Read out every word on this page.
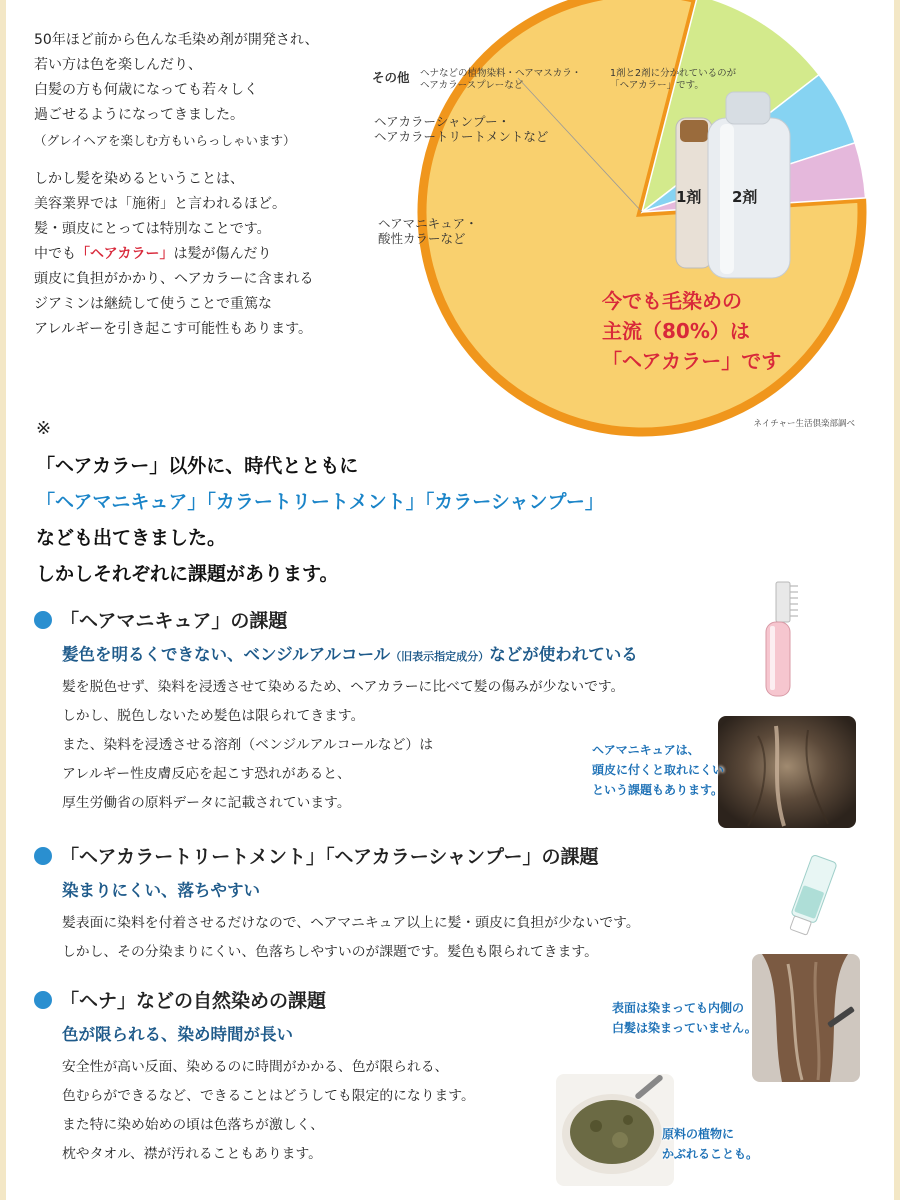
50年ほど前から色んな毛染め剤が開発され、

若い方は色を楽しんだり、

白髪の方も何歳になっても若々しく

過ごせるようになってきました。

（グレイヘアを楽しむ方もいらっしゃいます）

しかし髪を染めるということは、

美容業界では「施術」と言われるほど。

髪・頭皮にとっては特別なことです。

中でも「ヘアカラー」は髪が傷んだり

頭皮に負担がかかり、ヘアカラーに含まれる

ジアミンは継続して使うことで重篤な

アレルギーを引き起こす可能性もあります。

その他 ヘナなどの植物染料・ヘアマスカラ・
ヘアカラースプレーなど
ヘアカラーシャンプー・
ヘアカラートリートメントなど
ヘアマニキュア・
酸性カラーなど
1剤と2剤に分かれているのが
「ヘアカラー」です。
1剤 2剤
今でも毛染めの
主流（80%）は
「ヘアカラー」です
ネイチャー生活倶楽部調べ
※
「ヘアカラー」以外に、時代とともに
「ヘアマニキュア」「カラートリートメント」「カラーシャンプー」
なども出てきました。
しかしそれぞれに課題があります。
「ヘアマニキュア」の課題
髪色を明るくできない、ベンジルアルコール（旧表示指定成分）などが使われている

髪を脱色せず、染料を浸透させて染めるため、ヘアカラーに比べて髪の傷みが少ないです。

しかし、脱色しないため髪色は限られてきます。

また、染料を浸透させる溶剤（ベンジルアルコールなど）は

アレルギー性皮膚反応を起こす恐れがあると、

厚生労働省の原料データに記載されています。

ヘアマニキュアは、
頭皮に付くと取れにくい
という課題もあります。
「ヘアカラートリートメント」「ヘアカラーシャンプー」の課題
染まりにくい、落ちやすい

髪表面に染料を付着させるだけなので、ヘアマニキュア以上に髪・頭皮に負担が少ないです。

しかし、その分染まりにくい、色落ちしやすいのが課題です。髪色も限られてきます。

表面は染まっても内側の
白髪は染まっていません。
「ヘナ」などの自然染めの課題
色が限られる、染め時間が長い

安全性が高い反面、染めるのに時間がかかる、色が限られる、

色むらができるなど、できることはどうしても限定的になります。

また特に染め始めの頃は色落ちが激しく、

枕やタオル、襟が汚れることもあります。

原料の植物に
かぶれることも。
